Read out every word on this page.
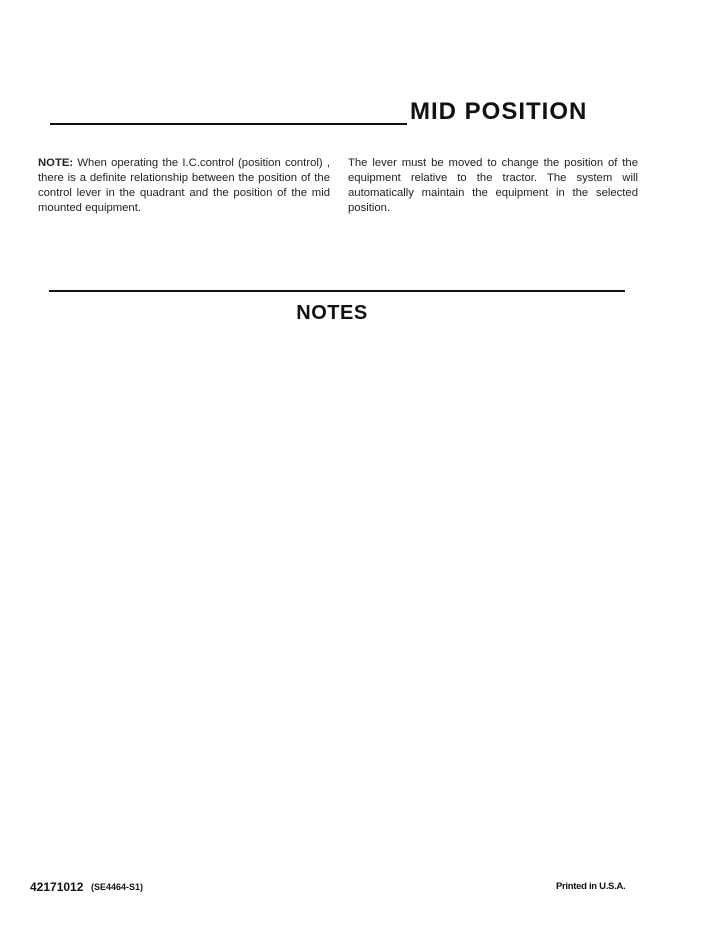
MID POSITION

NOTE: When operating the I.C.control (position control) , there is a definite relationship between the position of the control lever in the quadrant and the position of the mid mounted equipment.

The lever must be moved to change the position of the equipment relative to the tractor. The system will automatically maintain the equipment in the selected position.

NOTES
42171012 (SE4464-S1)	Printed in U.S.A.
